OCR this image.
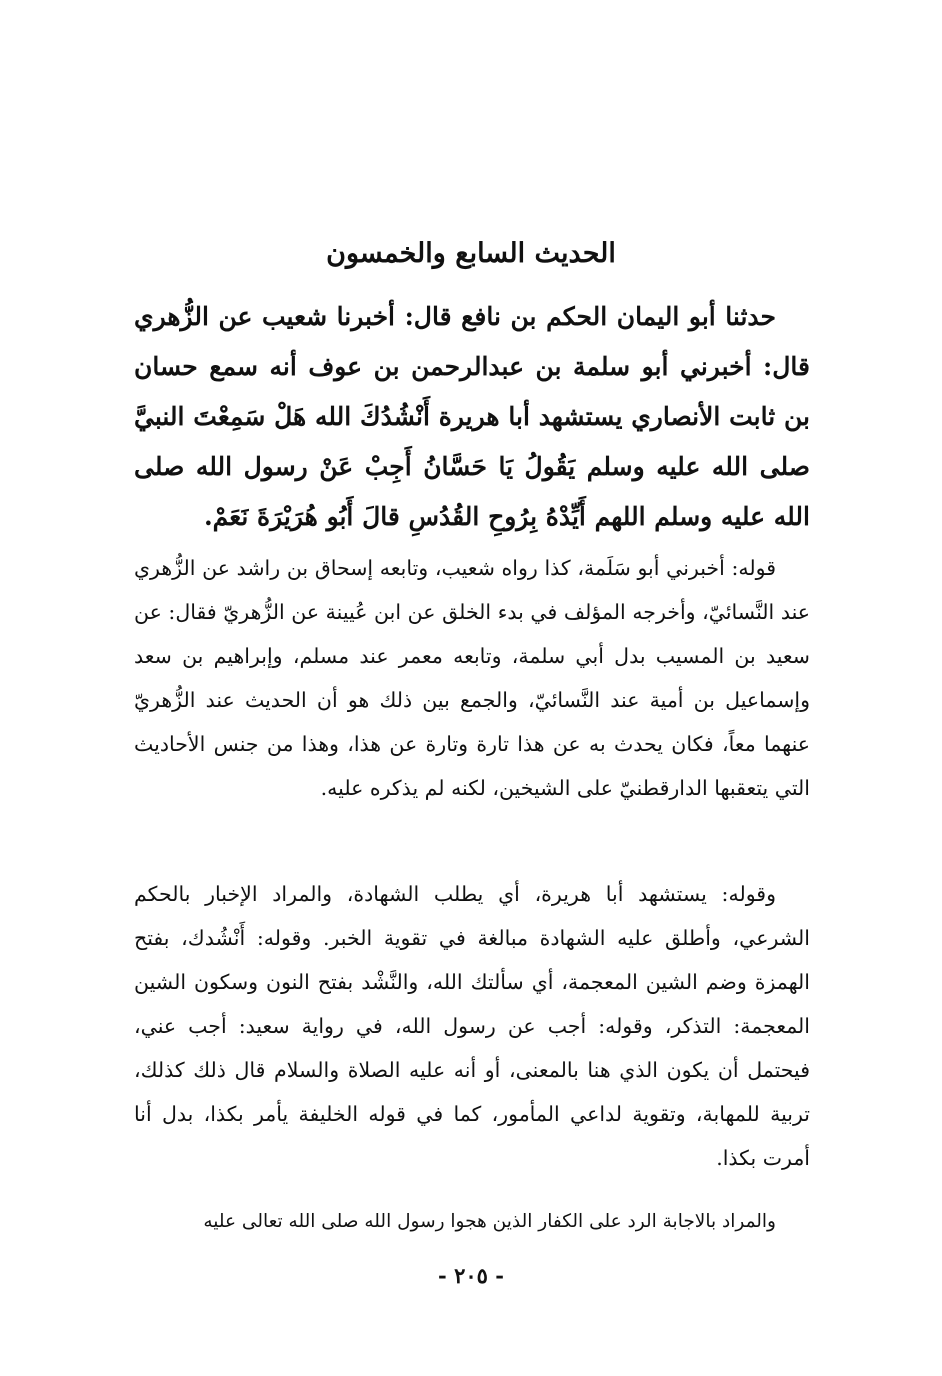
الحديث السابع والخمسون

حدثنا أبو اليمان الحكم بن نافع قال: أخبرنا شعيب عن الزُّهري قال: أخبرني أبو سلمة بن عبدالرحمن بن عوف أنه سمع حسان بن ثابت الأنصاري يستشهد أبا هريرة أَنْشُدُكَ الله هَلْ سَمِعْتَ النبيَّ صلى الله عليه وسلم يَقُولُ يَا حَسَّانُ أَجِبْ عَنْ رسول الله صلى الله عليه وسلم اللهم أَيِّدْهُ بِرُوحِ القُدُسِ قالَ أَبُو هُرَيْرَةَ نَعَمْ.

قوله: أخبرني أبو سَلَمة، كذا رواه شعيب، وتابعه إسحاق بن راشد عن الزُّهري عند النَّسائيّ، وأخرجه المؤلف في بدء الخلق عن ابن عُيينة عن الزُّهريّ فقال: عن سعيد بن المسيب بدل أبي سلمة، وتابعه معمر عند مسلم، وإبراهيم بن سعد وإسماعيل بن أمية عند النَّسائيّ، والجمع بين ذلك هو أن الحديث عند الزُّهريّ عنهما معاً، فكان يحدث به عن هذا تارة وتارة عن هذا، وهذا من جنس الأحاديث التي يتعقبها الدارقطنيّ على الشيخين، لكنه لم يذكره عليه.

وقوله: يستشهد أبا هريرة، أي يطلب الشهادة، والمراد الإخبار بالحكم الشرعي، وأطلق عليه الشهادة مبالغة في تقوية الخبر. وقوله: أَنْشُدك، بفتح الهمزة وضم الشين المعجمة، أي سألتك الله، والنَّشْد بفتح النون وسكون الشين المعجمة: التذكر، وقوله: أجب عن رسول الله، في رواية سعيد: أجب عني، فيحتمل أن يكون الذي هنا بالمعنى، أو أنه عليه الصلاة والسلام قال ذلك كذلك، تربية للمهابة، وتقوية لداعي المأمور، كما في قوله الخليفة يأمر بكذا، بدل أنا أمرت بكذا.

والمراد بالاجابة الرد على الكفار الذين هجوا رسول الله صلى الله تعالى عليه

- ٢٠٥ -
